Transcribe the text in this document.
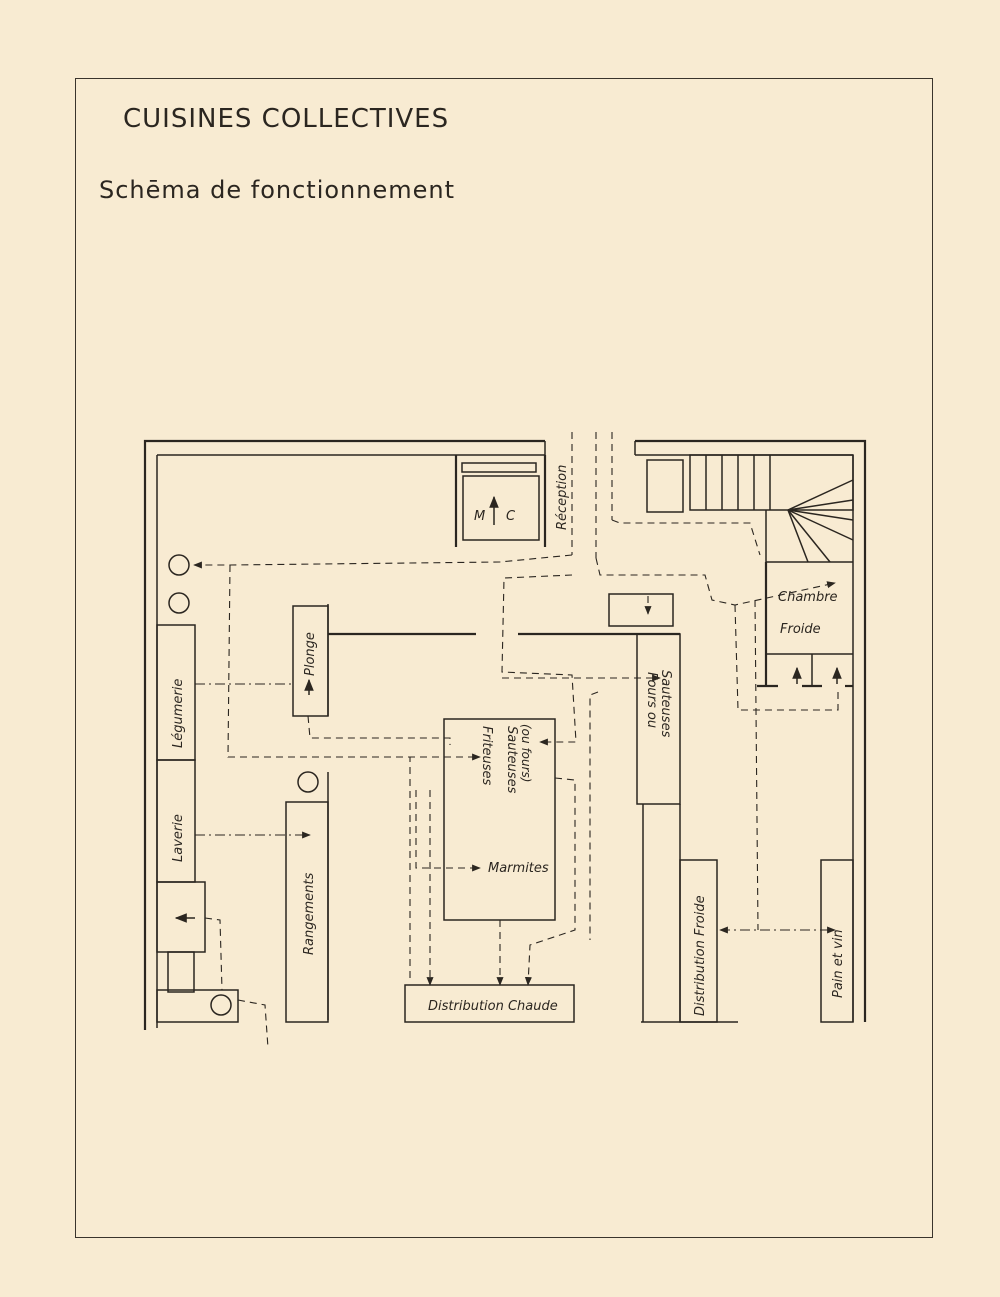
CUISINES COLLECTIVES
Schēma de fonctionnement
Réception
M C
Chambre
Froide
Plonge
Légumerie
Laverie
Rangements
Friteuses Sauteuses (ou fours)
Marmites
Fours ou Sauteuses
Distribution Froide	Pain et vin
Distribution Chaude
